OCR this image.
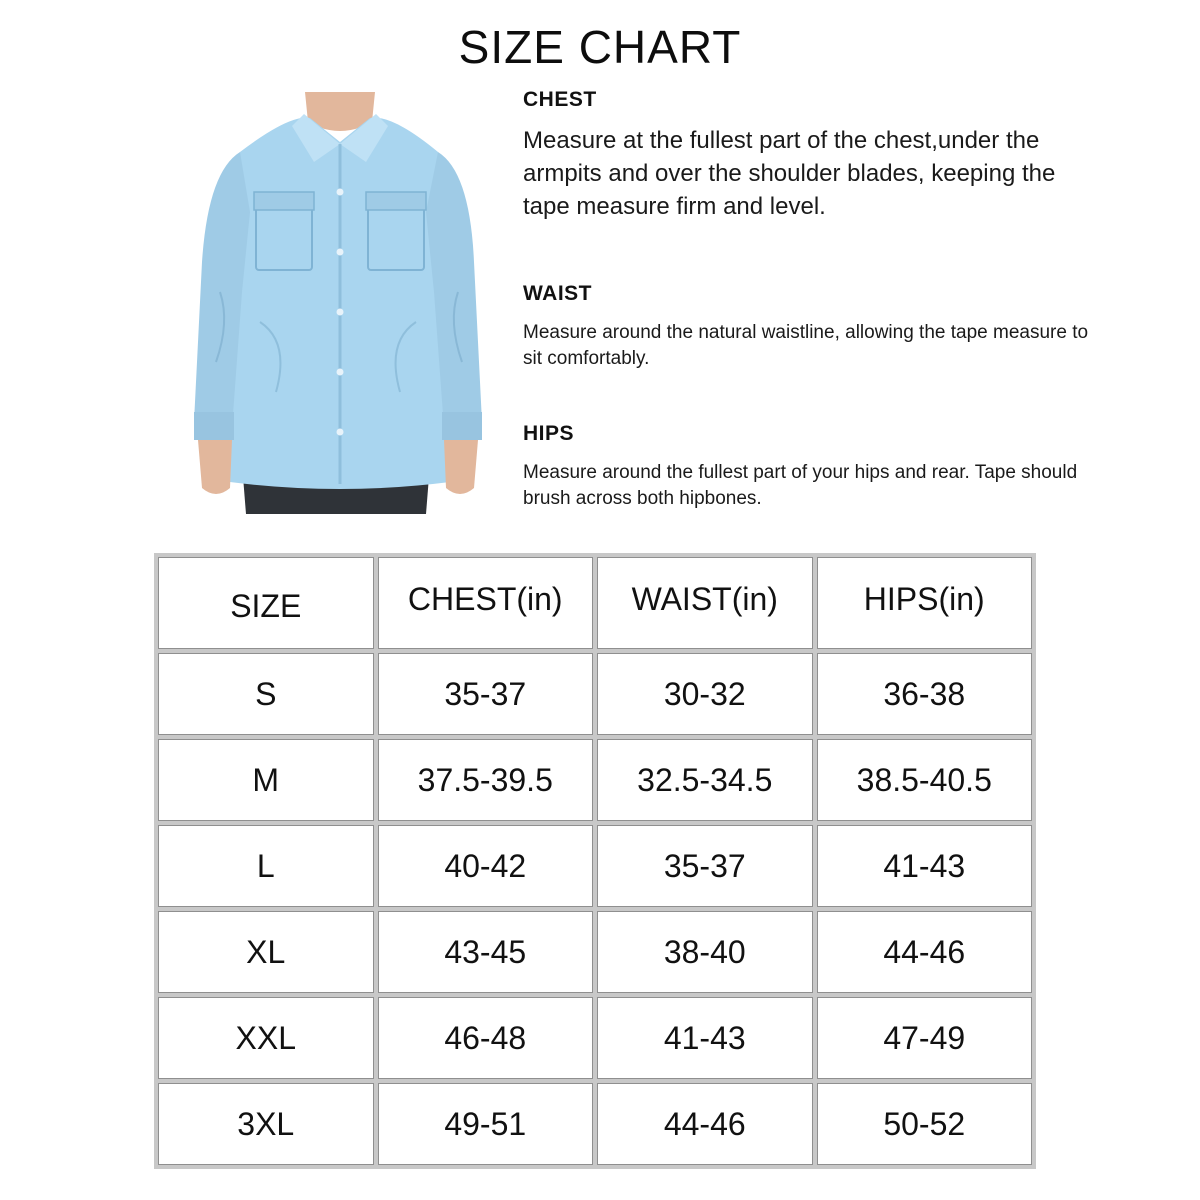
SIZE CHART
CHEST

Measure at the fullest part of the chest,under the armpits and over the shoulder blades, keeping the tape measure firm and level.

WAIST

Measure around the natural waistline, allowing the tape measure to sit comfortably.

HIPS

Measure around the fullest part of your hips and rear. Tape should brush across both hipbones.

SIZE	CHEST(in)	WAIST(in)	HIPS(in)
S	35-37	30-32	36-38
M	37.5-39.5	32.5-34.5	38.5-40.5
L	40-42	35-37	41-43
XL	43-45	38-40	44-46
XXL	46-48	41-43	47-49
3XL	49-51	44-46	50-52
